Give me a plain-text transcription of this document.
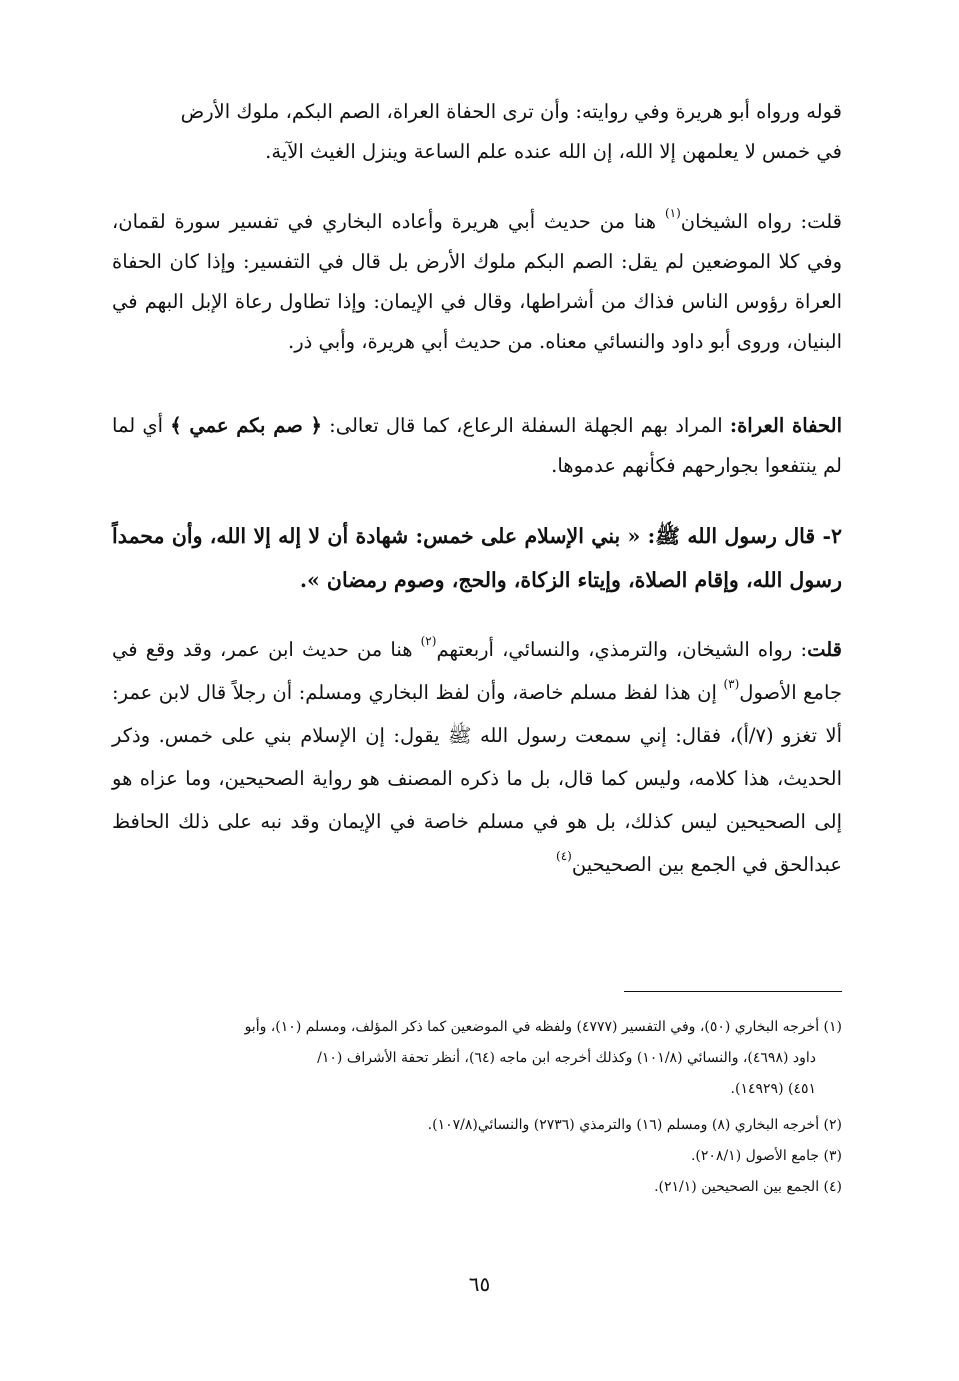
قوله ورواه أبو هريرة وفي روايته: وأن ترى الحفاة العراة، الصم البكم، ملوك الأرض

في خمس لا يعلمهن إلا الله، إن الله عنده علم الساعة وينزل الغيث الآية.

قلت: رواه الشيخان$^{(١)}$ هنا من حديث أبي هريرة وأعاده البخاري في تفسير سورة لقمان، وفي كلا الموضعين لم يقل: الصم البكم ملوك الأرض بل قال في التفسير: وإذا كان الحفاة العراة رؤوس الناس فذاك من أشراطها، وقال في الإيمان: وإذا تطاول رعاة الإبل البهم في البنيان، وروى أبو داود والنسائي معناه. من حديث أبي هريرة، وأبي ذر.

الحفاة العراة: المراد بهم الجهلة السفلة الرعاع، كما قال تعالى: ﴿ صم بكم عمي ﴾ أي لما لم ينتفعوا بجوارحهم فكأنهم عدموها.

٢- قال رسول الله ﷺ: « بني الإسلام على خمس: شهادة أن لا إله إلا الله، وأن محمداً رسول الله، وإقام الصلاة، وإيتاء الزكاة، والحج، وصوم رمضان ».

قلت: رواه الشيخان، والترمذي، والنسائي، أربعتهم$^{(٢)}$ هنا من حديث ابن عمر، وقد وقع في جامع الأصول$^{(٣)}$ إن هذا لفظ مسلم خاصة، وأن لفظ البخاري ومسلم: أن رجلاً قال لابن عمر: ألا تغزو (٧/أ)، فقال: إني سمعت رسول الله ﷺ يقول: إن الإسلام بني على خمس. وذكر الحديث، هذا كلامه، وليس كما قال، بل ما ذكره المصنف هو رواية الصحيحين، وما عزاه هو إلى الصحيحين ليس كذلك، بل هو في مسلم خاصة في الإيمان وقد نبه على ذلك الحافظ عبدالحق في الجمع بين الصحيحين$^{(٤)}$

(١) أخرجه البخاري (٥٠)، وفي التفسير (٤٧٧٧) ولفظه في الموضعين كما ذكر المؤلف، ومسلم (١٠)، وأبو
داود (٤٦٩٨)، والنسائي (١٠١/٨) وكذلك أخرجه ابن ماجه (٦٤)، أنظر تحفة الأشراف (١٠/
٤٥١) (١٤٩٢٩).

(٢) أخرجه البخاري (٨) ومسلم (١٦) والترمذي (٢٧٣٦) والنسائي(١٠٧/٨).

(٣) جامع الأصول (٢٠٨/١).

(٤) الجمع بين الصحيحين (٢١/١).

٦٥
